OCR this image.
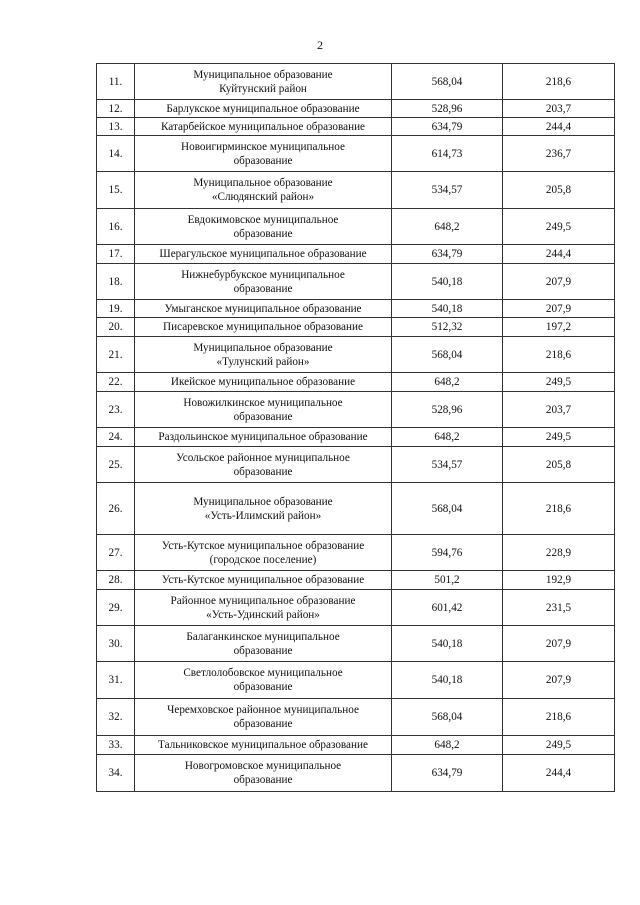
2
11.	Муниципальное образование
Куйтунский район	568,04	218,6
12.	Барлукское муниципальное образование	528,96	203,7
13.	Катарбейское муниципальное образование	634,79	244,4
14.	Новоигирминское муниципальное
образование	614,73	236,7
15.	Муниципальное образование
«Слюдянский район»	534,57	205,8
16.	Евдокимовское муниципальное
образование	648,2	249,5
17.	Шерагульское муниципальное образование	634,79	244,4
18.	Нижнебурбукское муниципальное
образование	540,18	207,9
19.	Умыганское муниципальное образование	540,18	207,9
20.	Писаревское муниципальное образование	512,32	197,2
21.	Муниципальное образование
«Тулунский район»	568,04	218,6
22.	Икейское муниципальное образование	648,2	249,5
23.	Новожилкинское муниципальное
образование	528,96	203,7
24.	Раздольинское муниципальное образование	648,2	249,5
25.	Усольское районное муниципальное
образование	534,57	205,8
26.	Муниципальное образование
«Усть-Илимский район»	568,04	218,6
27.	Усть-Кутское муниципальное образование
(городское поселение)	594,76	228,9
28.	Усть-Кутское муниципальное образование	501,2	192,9
29.	Районное муниципальное образование
«Усть-Удинский район»	601,42	231,5
30.	Балаганкинское муниципальное
образование	540,18	207,9
31.	Светлолобовское муниципальное
образование	540,18	207,9
32.	Черемховское районное муниципальное
образование	568,04	218,6
33.	Тальниковское муниципальное образование	648,2	249,5
34.	Новогромовское муниципальное
образование	634,79	244,4
